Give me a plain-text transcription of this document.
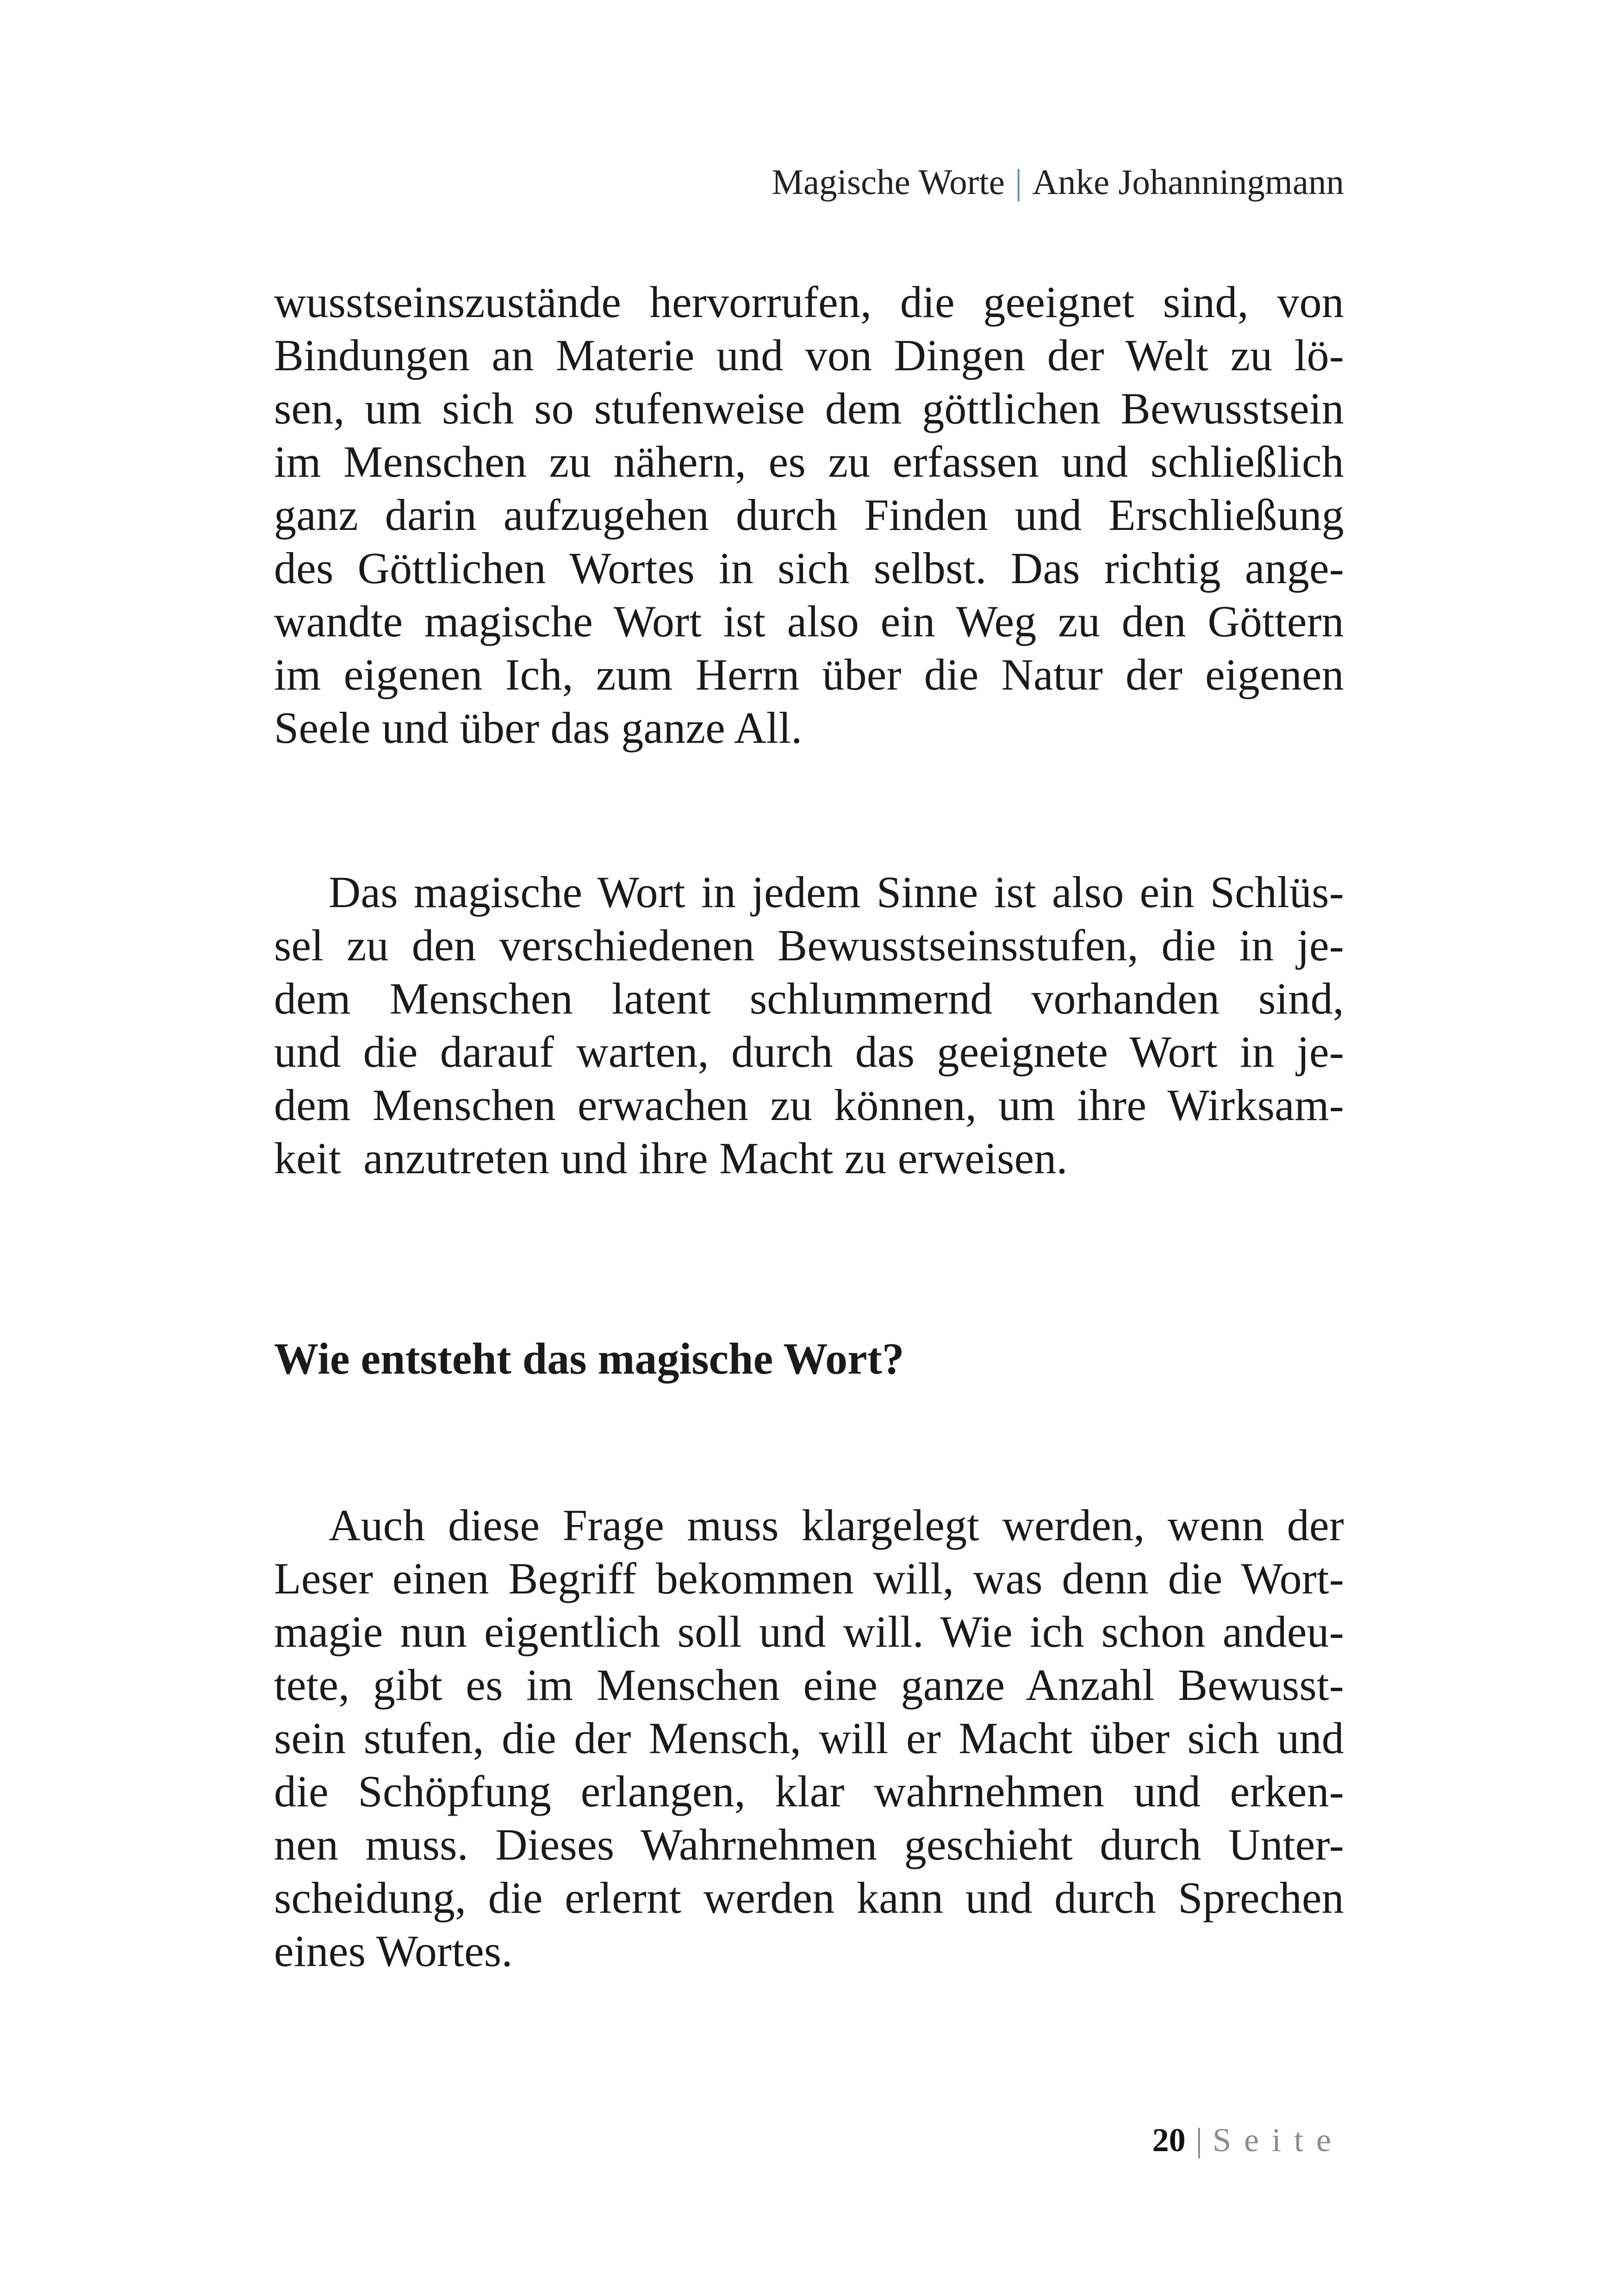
Magische Worte | Anke Johanningmann

wusstseinszustände hervorrufen, die geeignet sind, von
Bindungen an Materie und von Dingen der Welt zu lö-
sen, um sich so stufenweise dem göttlichen Bewusstsein
im Menschen zu nähern, es zu erfassen und schließlich
ganz darin aufzugehen durch Finden und Erschließung
des Göttlichen Wortes in sich selbst. Das richtig ange-
wandte magische Wort ist also ein Weg zu den Göttern
im eigenen Ich, zum Herrn über die Natur der eigenen
Seele und über das ganze All.

Das magische Wort in jedem Sinne ist also ein Schlüs-
sel zu den verschiedenen Bewusstseinsstufen, die in je-
dem Menschen latent schlummernd vorhanden sind,
und die darauf warten, durch das geeignete Wort in je-
dem Menschen erwachen zu können, um ihre Wirksam-
keit  anzutreten und ihre Macht zu erweisen.

Wie entsteht das magische Wort?

Auch diese Frage muss klargelegt werden, wenn der
Leser einen Begriff bekommen will, was denn die Wort-
magie nun eigentlich soll und will. Wie ich schon andeu-
tete, gibt es im Menschen eine ganze Anzahl Bewusst-
sein stufen, die der Mensch, will er Macht über sich und
die Schöpfung erlangen, klar wahrnehmen und erken-
nen muss. Dieses Wahrnehmen geschieht durch Unter-
scheidung, die erlernt werden kann und durch Sprechen
eines Wortes.

20 | Seite
